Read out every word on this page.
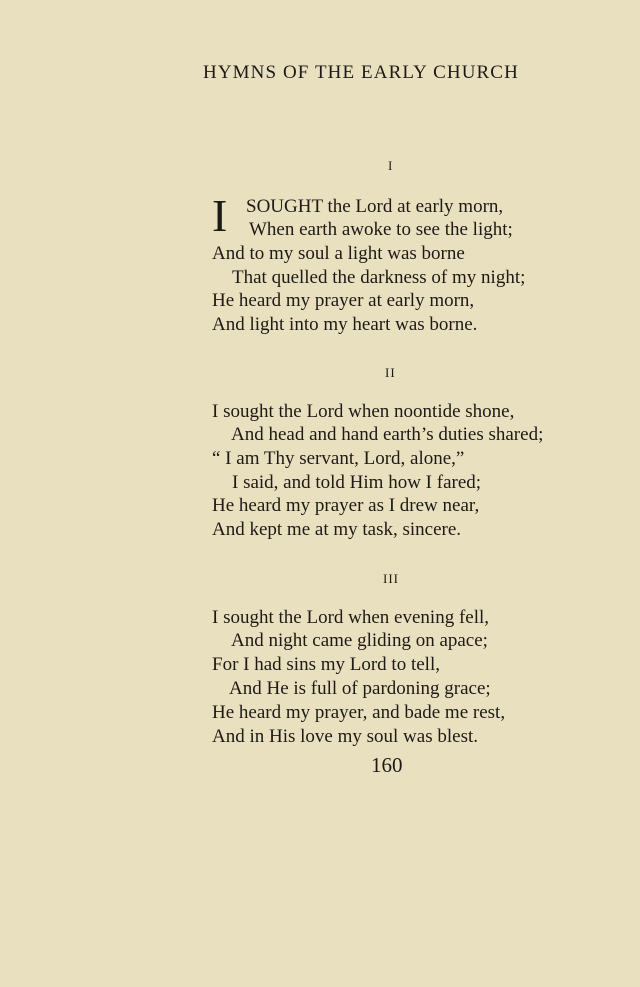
HYMNS OF THE EARLY CHURCH
I
I SOUGHT the Lord at early morn,
When earth awoke to see the light;
And to my soul a light was borne
That quelled the darkness of my night;
He heard my prayer at early morn,
And light into my heart was borne.
II
I sought the Lord when noontide shone,
And head and hand earth’s duties shared;
“ I am Thy servant, Lord, alone,”
I said, and told Him how I fared;
He heard my prayer as I drew near,
And kept me at my task, sincere.
III
I sought the Lord when evening fell,
And night came gliding on apace;
For I had sins my Lord to tell,
And He is full of pardoning grace;
He heard my prayer, and bade me rest,
And in His love my soul was blest.
160
